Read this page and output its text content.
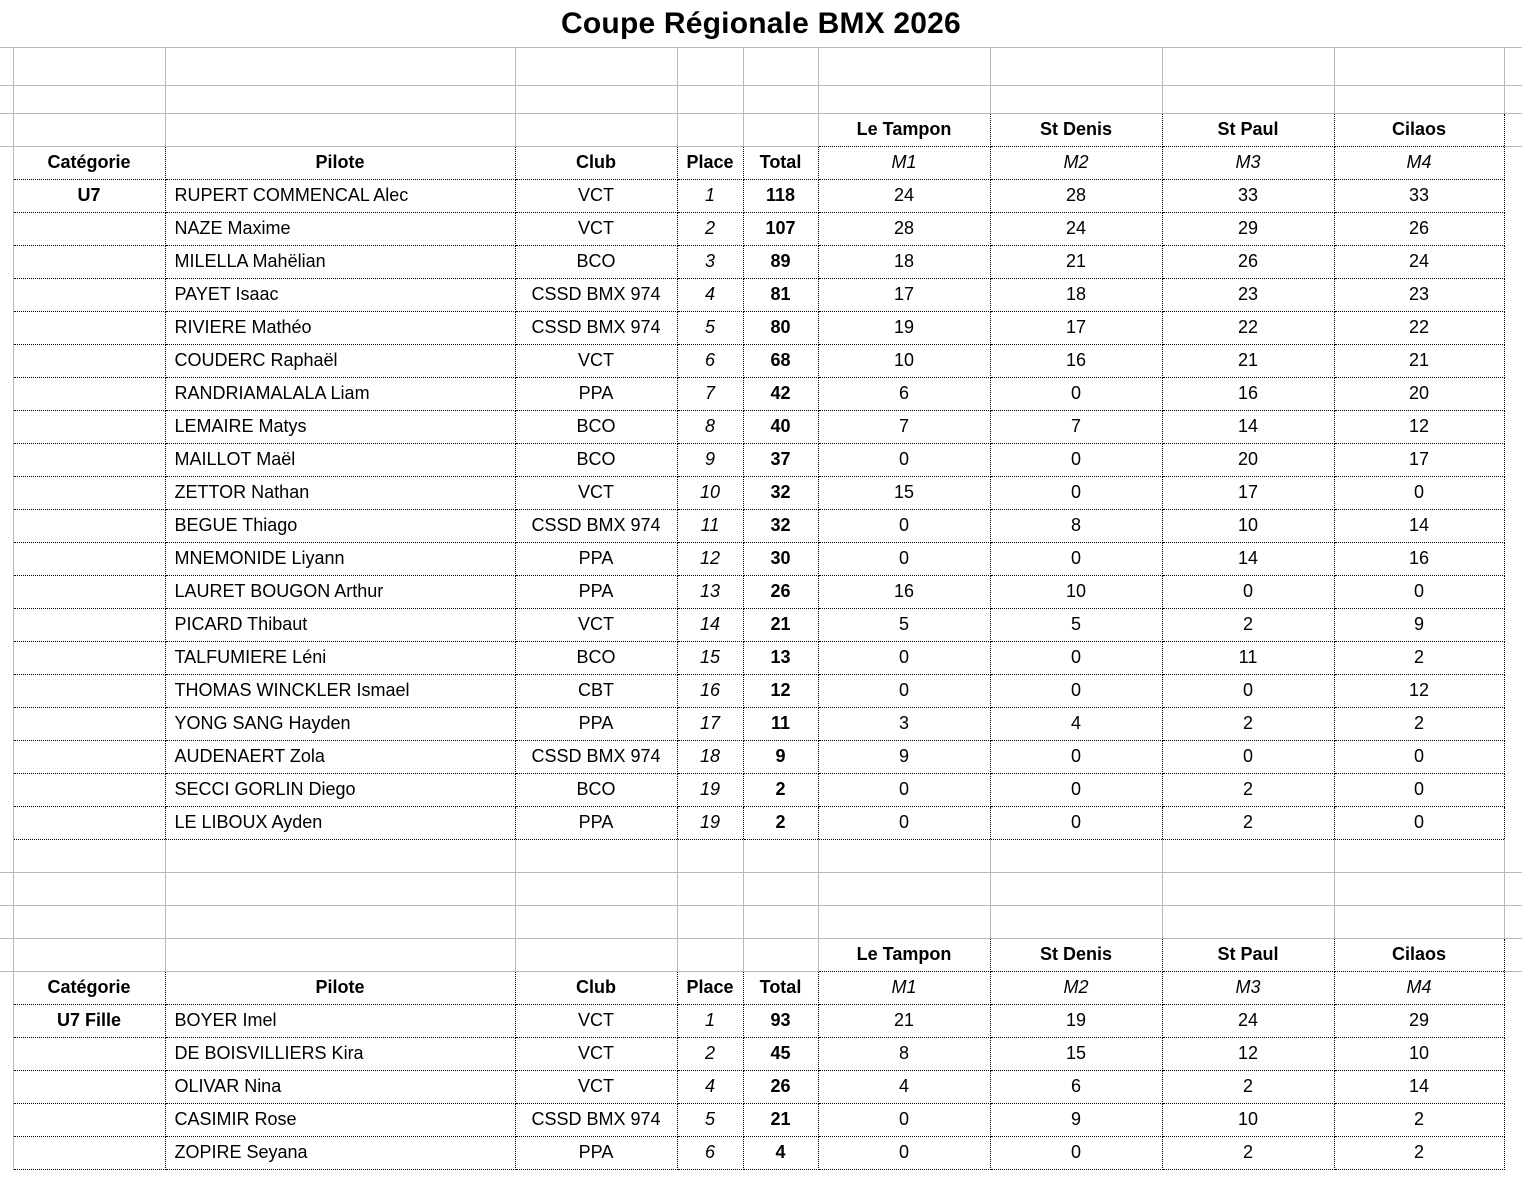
Coupe Régionale BMX 2026

						Le Tampon	St Denis	St Paul	Cilaos	
	Catégorie	Pilote	Club	Place	Total	M1	M2	M3	M4	
	U7	RUPERT COMMENCAL Alec	VCT	1	118	24	28	33	33	
		NAZE Maxime	VCT	2	107	28	24	29	26	
		MILELLA Mahëlian	BCO	3	89	18	21	26	24	
		PAYET Isaac	CSSD BMX 974	4	81	17	18	23	23	
		RIVIERE Mathéo	CSSD BMX 974	5	80	19	17	22	22	
		COUDERC Raphaël	VCT	6	68	10	16	21	21	
		RANDRIAMALALA Liam	PPA	7	42	6	0	16	20	
		LEMAIRE Matys	BCO	8	40	7	7	14	12	
		MAILLOT Maël	BCO	9	37	0	0	20	17	
		ZETTOR Nathan	VCT	10	32	15	0	17	0	
		BEGUE Thiago	CSSD BMX 974	11	32	0	8	10	14	
		MNEMONIDE Liyann	PPA	12	30	0	0	14	16	
		LAURET BOUGON Arthur	PPA	13	26	16	10	0	0	
		PICARD Thibaut	VCT	14	21	5	5	2	9	
		TALFUMIERE Léni	BCO	15	13	0	0	11	2	
		THOMAS WINCKLER Ismael	CBT	16	12	0	0	0	12	
		YONG SANG Hayden	PPA	17	11	3	4	2	2	
		AUDENAERT Zola	CSSD BMX 974	18	9	9	0	0	0	
		SECCI GORLIN Diego	BCO	19	2	0	0	2	0	
		LE LIBOUX Ayden	PPA	19	2	0	0	2	0	

						Le Tampon	St Denis	St Paul	Cilaos	
	Catégorie	Pilote	Club	Place	Total	M1	M2	M3	M4	
	U7 Fille	BOYER Imel	VCT	1	93	21	19	24	29	
		DE BOISVILLIERS Kira	VCT	2	45	8	15	12	10	
		OLIVAR Nina	VCT	4	26	4	6	2	14	
		CASIMIR Rose	CSSD BMX 974	5	21	0	9	10	2	
		ZOPIRE Seyana	PPA	6	4	0	0	2	2	
